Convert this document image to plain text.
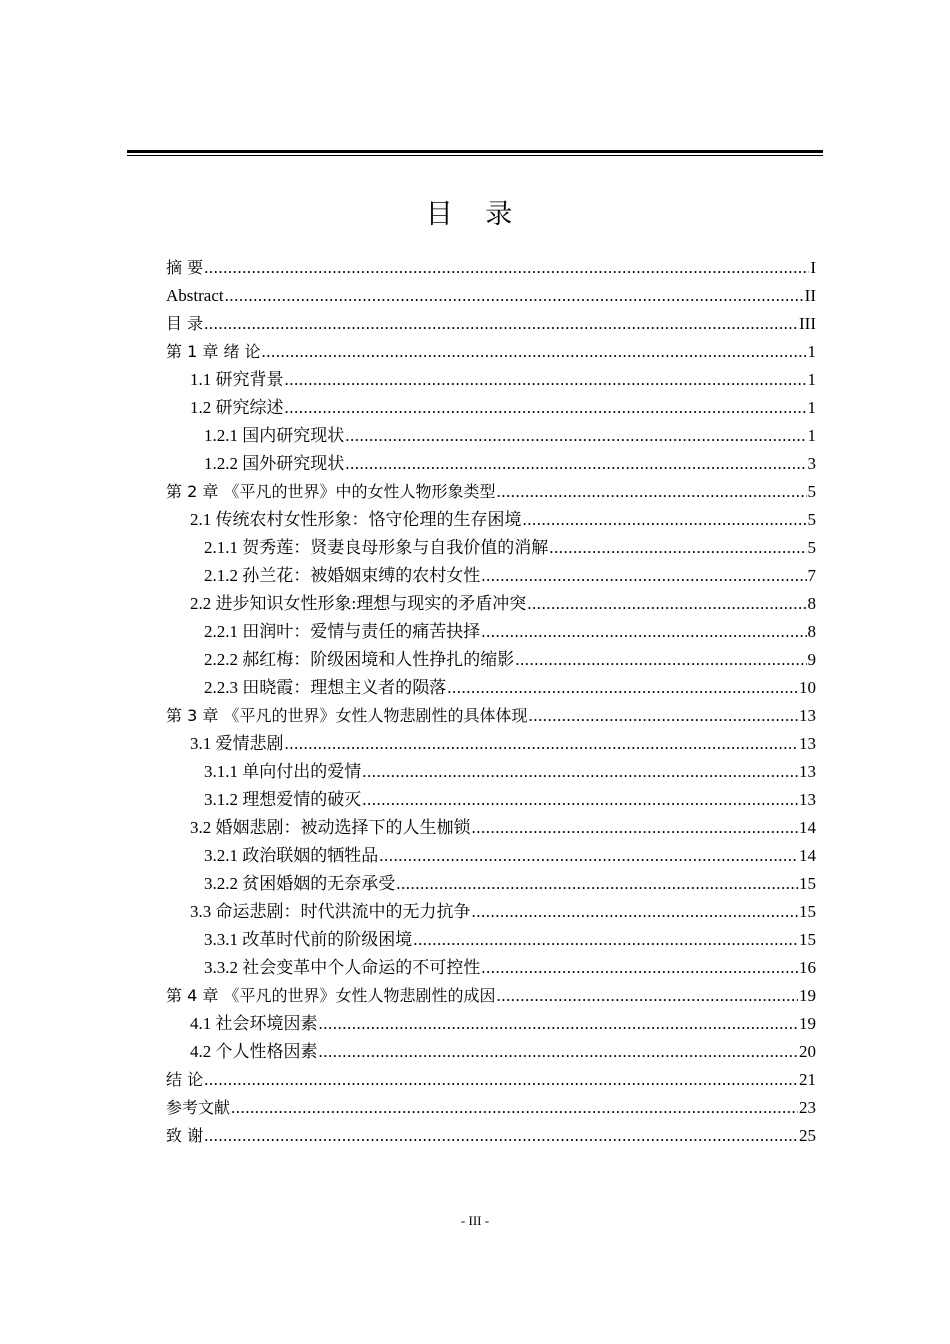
目 录
摘 要 .....	I
Abstract .....	II
目 录 .....	III
第 1 章 绪 论 .....	1
1.1 研究背景 .....	1
1.2 研究综述 .....	1
1.2.1 国内研究现状 .....	1
1.2.2 国外研究现状 .....	3
第 2 章 《平凡的世界》中的女性人物形象类型 .....	5
2.1 传统农村女性形象：恪守伦理的生存困境 .....	5
2.1.1 贺秀莲：贤妻良母形象与自我价值的消解 .....	5
2.1.2 孙兰花：被婚姻束缚的农村女性 .....	7
2.2 进步知识女性形象:理想与现实的矛盾冲突 .....	8
2.2.1 田润叶：爱情与责任的痛苦抉择 .....	8
2.2.2 郝红梅：阶级困境和人性挣扎的缩影 .....	9
2.2.3 田晓霞：理想主义者的陨落 .....	10
第 3 章 《平凡的世界》女性人物悲剧性的具体体现 .....	13
3.1 爱情悲剧 .....	13
3.1.1 单向付出的爱情 .....	13
3.1.2 理想爱情的破灭 .....	13
3.2 婚姻悲剧：被动选择下的人生枷锁 .....	14
3.2.1 政治联姻的牺牲品 .....	14
3.2.2 贫困婚姻的无奈承受 .....	15
3.3 命运悲剧：时代洪流中的无力抗争 .....	15
3.3.1 改革时代前的阶级困境 .....	15
3.3.2 社会变革中个人命运的不可控性 .....	16
第 4 章 《平凡的世界》女性人物悲剧性的成因 .....	19
4.1 社会环境因素 .....	19
4.2 个人性格因素 .....	20
结 论 .....	21
参考文献 .....	23
致 谢 .....	25
- III -
